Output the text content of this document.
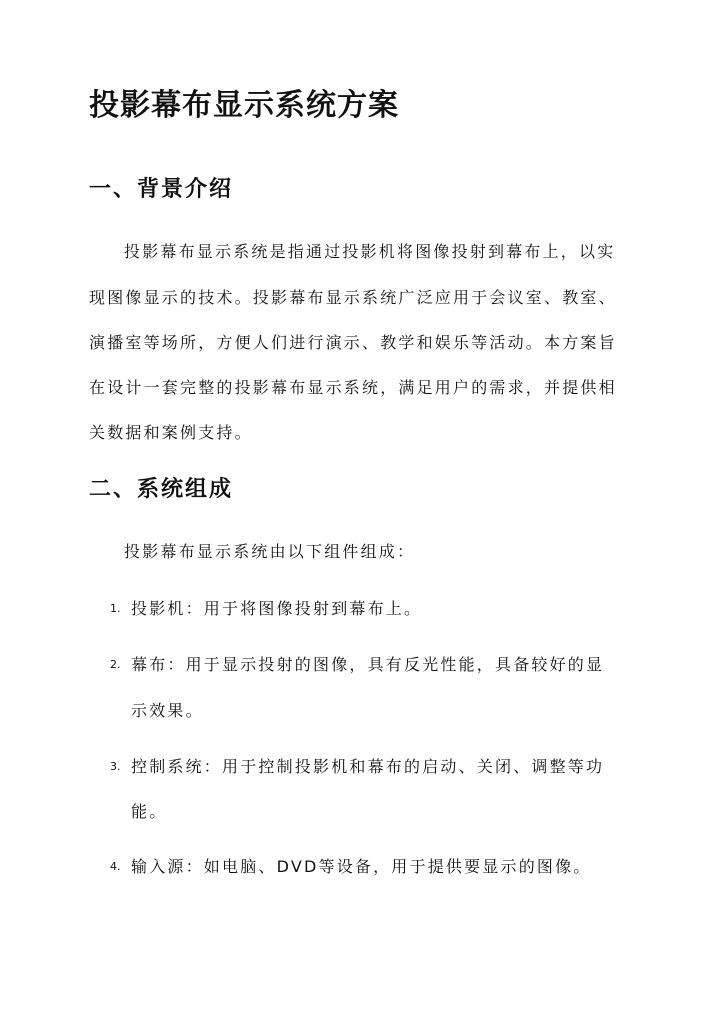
投影幕布显示系统方案
一、背景介绍

投影幕布显示系统是指通过投影机将图像投射到幕布上，以实

现图像显示的技术。投影幕布显示系统广泛应用于会议室、教室、

演播室等场所，方便人们进行演示、教学和娱乐等活动。本方案旨

在设计一套完整的投影幕布显示系统，满足用户的需求，并提供相

关数据和案例支持。

二、系统组成

投影幕布显示系统由以下组件组成：

1. 投影机：用于将图像投射到幕布上。

2. 幕布：用于显示投射的图像，具有反光性能，具备较好的显

示效果。

3. 控制系统：用于控制投影机和幕布的启动、关闭、调整等功

能。

4. 输入源：如电脑、DVD等设备，用于提供要显示的图像。
